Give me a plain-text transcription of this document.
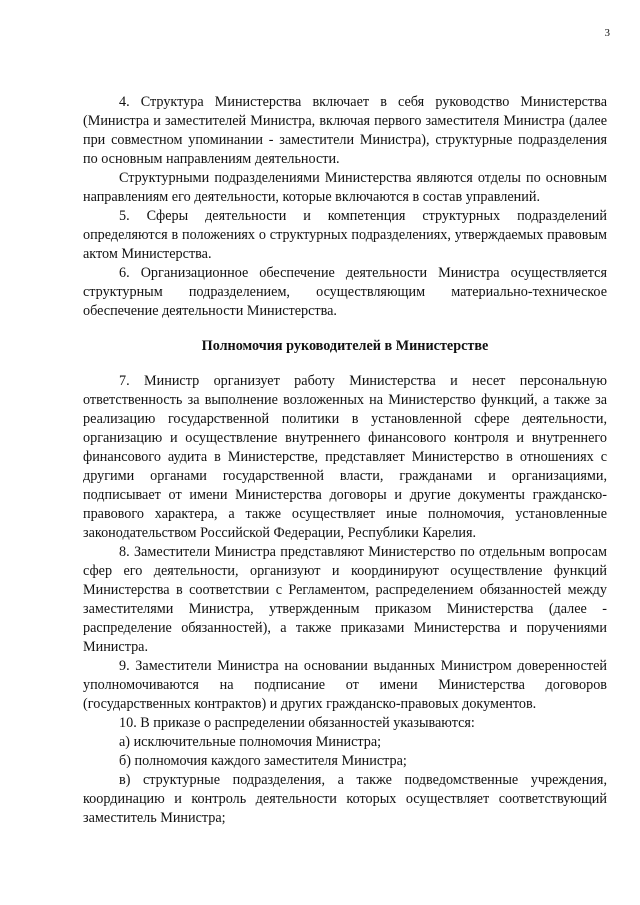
3

4. Структура Министерства включает в себя руководство Министерства (Министра и заместителей Министра, включая первого заместителя Министра (далее при совместном упоминании - заместители Министра), структурные подразделения по основным направлениям деятельности.

Структурными подразделениями Министерства являются отделы по основным направлениям его деятельности, которые включаются в состав управлений.

5. Сферы деятельности и компетенция структурных подразделений определяются в положениях о структурных подразделениях, утверждаемых правовым актом Министерства.

6. Организационное обеспечение деятельности Министра осуществляется структурным подразделением, осуществляющим материально-техническое обеспечение деятельности Министерства.

Полномочия руководителей в Министерстве

7. Министр организует работу Министерства и несет персональную ответственность за выполнение возложенных на Министерство функций, а также за реализацию государственной политики в установленной сфере деятельности, организацию и осуществление внутреннего финансового контроля и внутреннего финансового аудита в Министерстве, представляет Министерство в отношениях с другими органами государственной власти, гражданами и организациями, подписывает от имени Министерства договоры и другие документы гражданско-правового характера, а также осуществляет иные полномочия, установленные законодательством Российской Федерации, Республики Карелия.

8. Заместители Министра представляют Министерство по отдельным вопросам сфер его деятельности, организуют и координируют осуществление функций Министерства в соответствии с Регламентом, распределением обязанностей между заместителями Министра, утвержденным приказом Министерства (далее - распределение обязанностей), а также приказами Министерства и поручениями Министра.

9. Заместители Министра на основании выданных Министром доверенностей уполномочиваются на подписание от имени Министерства договоров (государственных контрактов) и других гражданско-правовых документов.

10. В приказе о распределении обязанностей указываются:

а) исключительные полномочия Министра;

б) полномочия каждого заместителя Министра;

в) структурные подразделения, а также подведомственные учреждения, координацию и контроль деятельности которых осуществляет соответствующий заместитель Министра;
